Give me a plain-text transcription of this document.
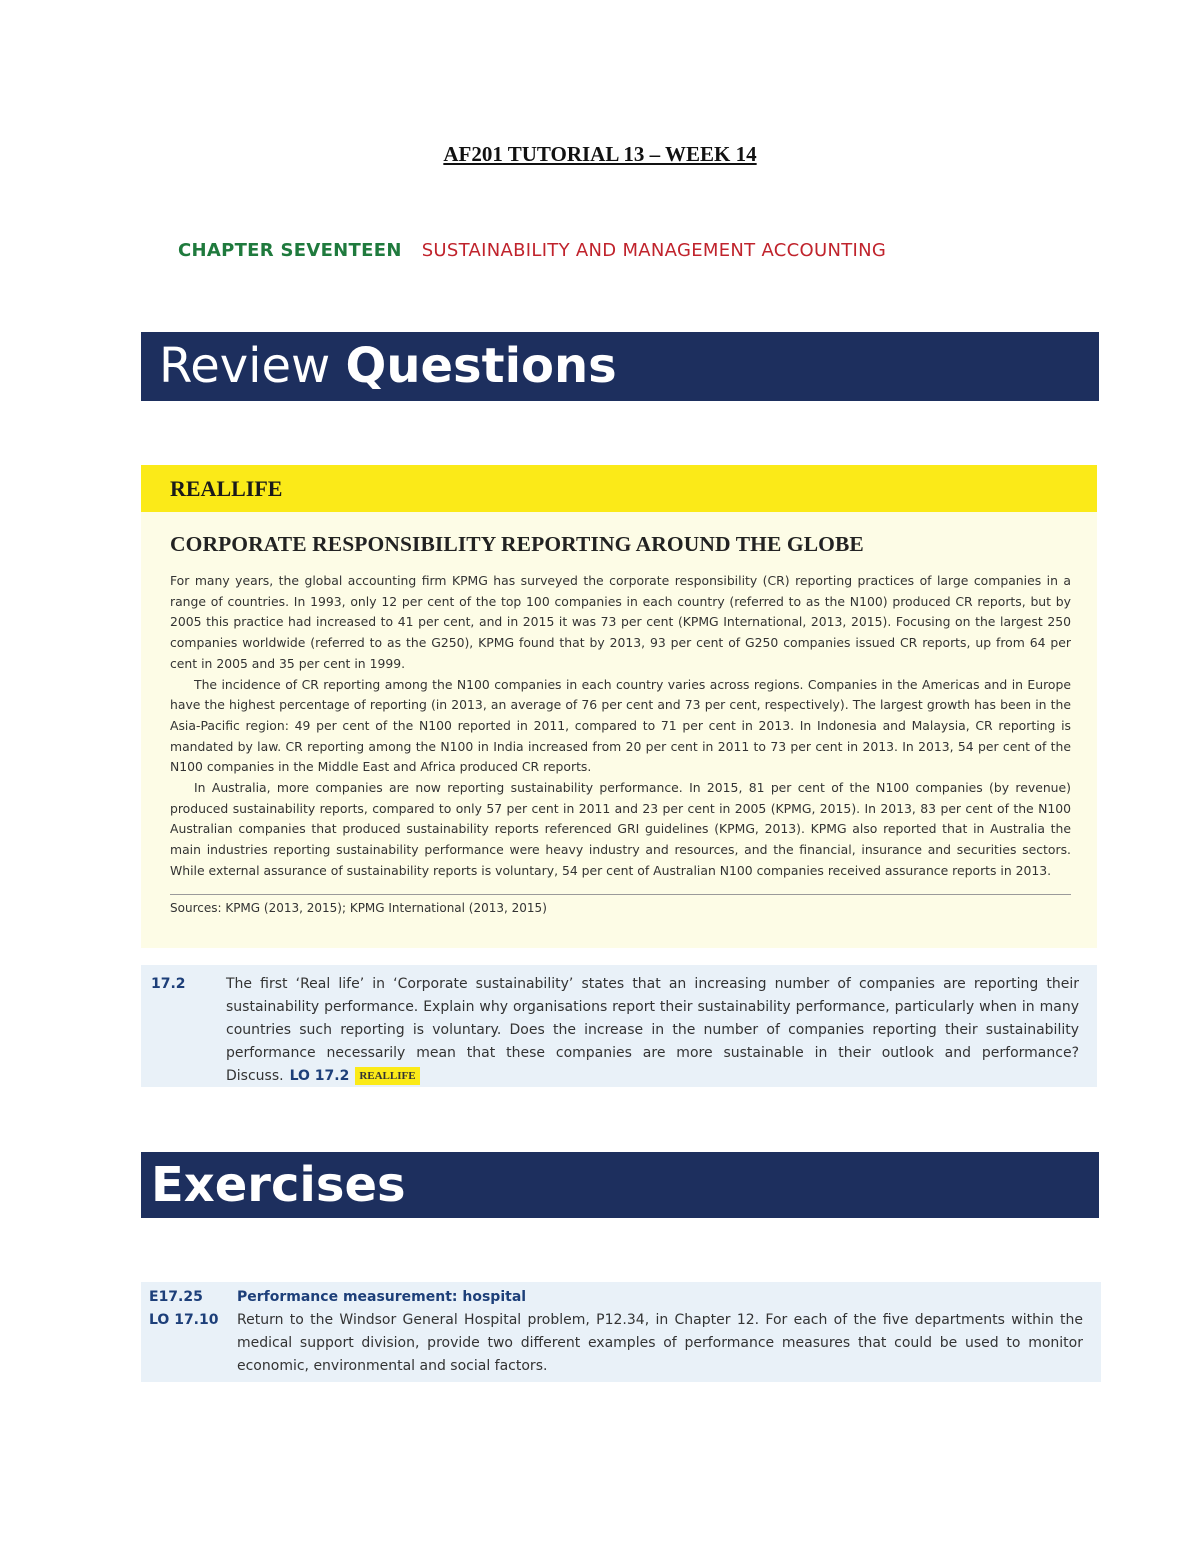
AF201 TUTORIAL 13 – WEEK 14
CHAPTER SEVENTEEN SUSTAINABILITY AND MANAGEMENT ACCOUNTING
Review Questions
REALLIFE
CORPORATE RESPONSIBILITY REPORTING AROUND THE GLOBE

For many years, the global accounting firm KPMG has surveyed the corporate responsibility (CR) reporting practices of large companies in a range of countries. In 1993, only 12 per cent of the top 100 companies in each country (referred to as the N100) produced CR reports, but by 2005 this practice had increased to 41 per cent, and in 2015 it was 73 per cent (KPMG International, 2013, 2015). Focusing on the largest 250 companies worldwide (referred to as the G250), KPMG found that by 2013, 93 per cent of G250 companies issued CR reports, up from 64 per cent in 2005 and 35 per cent in 1999.

The incidence of CR reporting among the N100 companies in each country varies across regions. Companies in the Americas and in Europe have the highest percentage of reporting (in 2013, an average of 76 per cent and 73 per cent, respectively). The largest growth has been in the Asia-Pacific region: 49 per cent of the N100 reported in 2011, compared to 71 per cent in 2013. In Indonesia and Malaysia, CR reporting is mandated by law. CR reporting among the N100 in India increased from 20 per cent in 2011 to 73 per cent in 2013. In 2013, 54 per cent of the N100 companies in the Middle East and Africa produced CR reports.

In Australia, more companies are now reporting sustainability performance. In 2015, 81 per cent of the N100 companies (by revenue) produced sustainability reports, compared to only 57 per cent in 2011 and 23 per cent in 2005 (KPMG, 2015). In 2013, 83 per cent of the N100 Australian companies that produced sustainability reports referenced GRI guidelines (KPMG, 2013). KPMG also reported that in Australia the main industries reporting sustainability performance were heavy industry and resources, and the financial, insurance and securities sectors. While external assurance of sustainability reports is voluntary, 54 per cent of Australian N100 companies received assurance reports in 2013.

Sources: KPMG (2013, 2015); KPMG International (2013, 2015)

17.2	The first ‘Real life’ in ‘Corporate sustainability’ states that an increasing number of companies are reporting their sustainability performance. Explain why organisations report their sustainability performance, particularly when in many countries such reporting is voluntary. Does the increase in the number of companies reporting their sustainability performance necessarily mean that these companies are more sustainable in their outlook and performance? Discuss. LO 17.2 REALLIFE
Exercises
E17.25
LO 17.10
Performance measurement: hospital
Return to the Windsor General Hospital problem, P12.34, in Chapter 12. For each of the five departments within the medical support division, provide two different examples of performance measures that could be used to monitor economic, environmental and social factors.
